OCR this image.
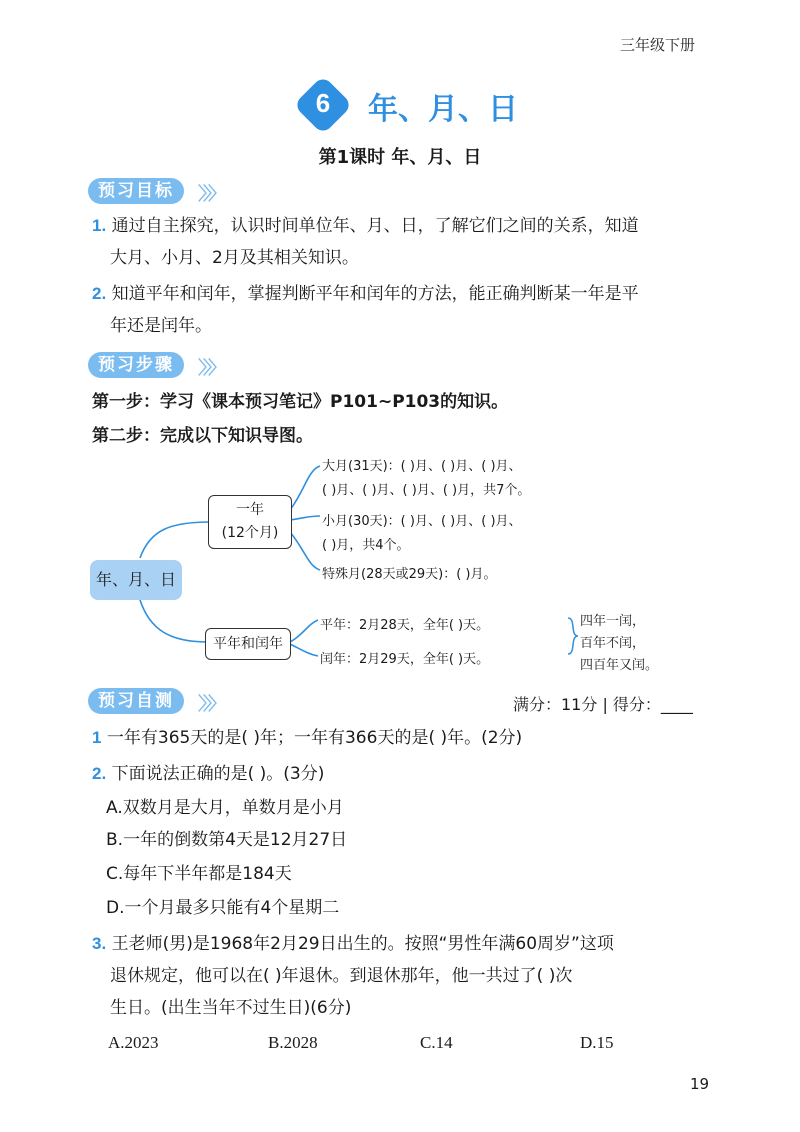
三年级下册
6	年、月、日
第1课时 年、月、日
预习目标	〉〉〉
1. 通过自主探究，认识时间单位年、月、日，了解它们之间的关系，知道
大月、小月、2月及其相关知识。
2. 知道平年和闰年，掌握判断平年和闰年的方法，能正确判断某一年是平
年还是闰年。
预习步骤	〉〉〉
第一步：学习《课本预习笔记》P101~P103的知识。
第二步：完成以下知识导图。
年、月、日
一年
(12个月)
平年和闰年
大月(31天)：( )月、( )月、( )月、
( )月、( )月、( )月、( )月，共7个。
小月(30天)：( )月、( )月、( )月、
( )月，共4个。
特殊月(28天或29天)：( )月。
平年：2月28天，全年( )天。
闰年：2月29天，全年( )天。
四年一闰，
百年不闰，
四百年又闰。
预习自测	〉〉〉	满分：11分 | 得分：____
1 一年有365天的是( )年；一年有366天的是( )年。(2分)
2. 下面说法正确的是( )。(3分)
A.双数月是大月，单数月是小月
B.一年的倒数第4天是12月27日
C.每年下半年都是184天
D.一个月最多只能有4个星期二
3. 王老师(男)是1968年2月29日出生的。按照“男性年满60周岁”这项
退休规定，他可以在( )年退休。到退休那年，他一共过了( )次
生日。(出生当年不过生日)(6分)
A.2023	B.2028	C.14	D.15
19
